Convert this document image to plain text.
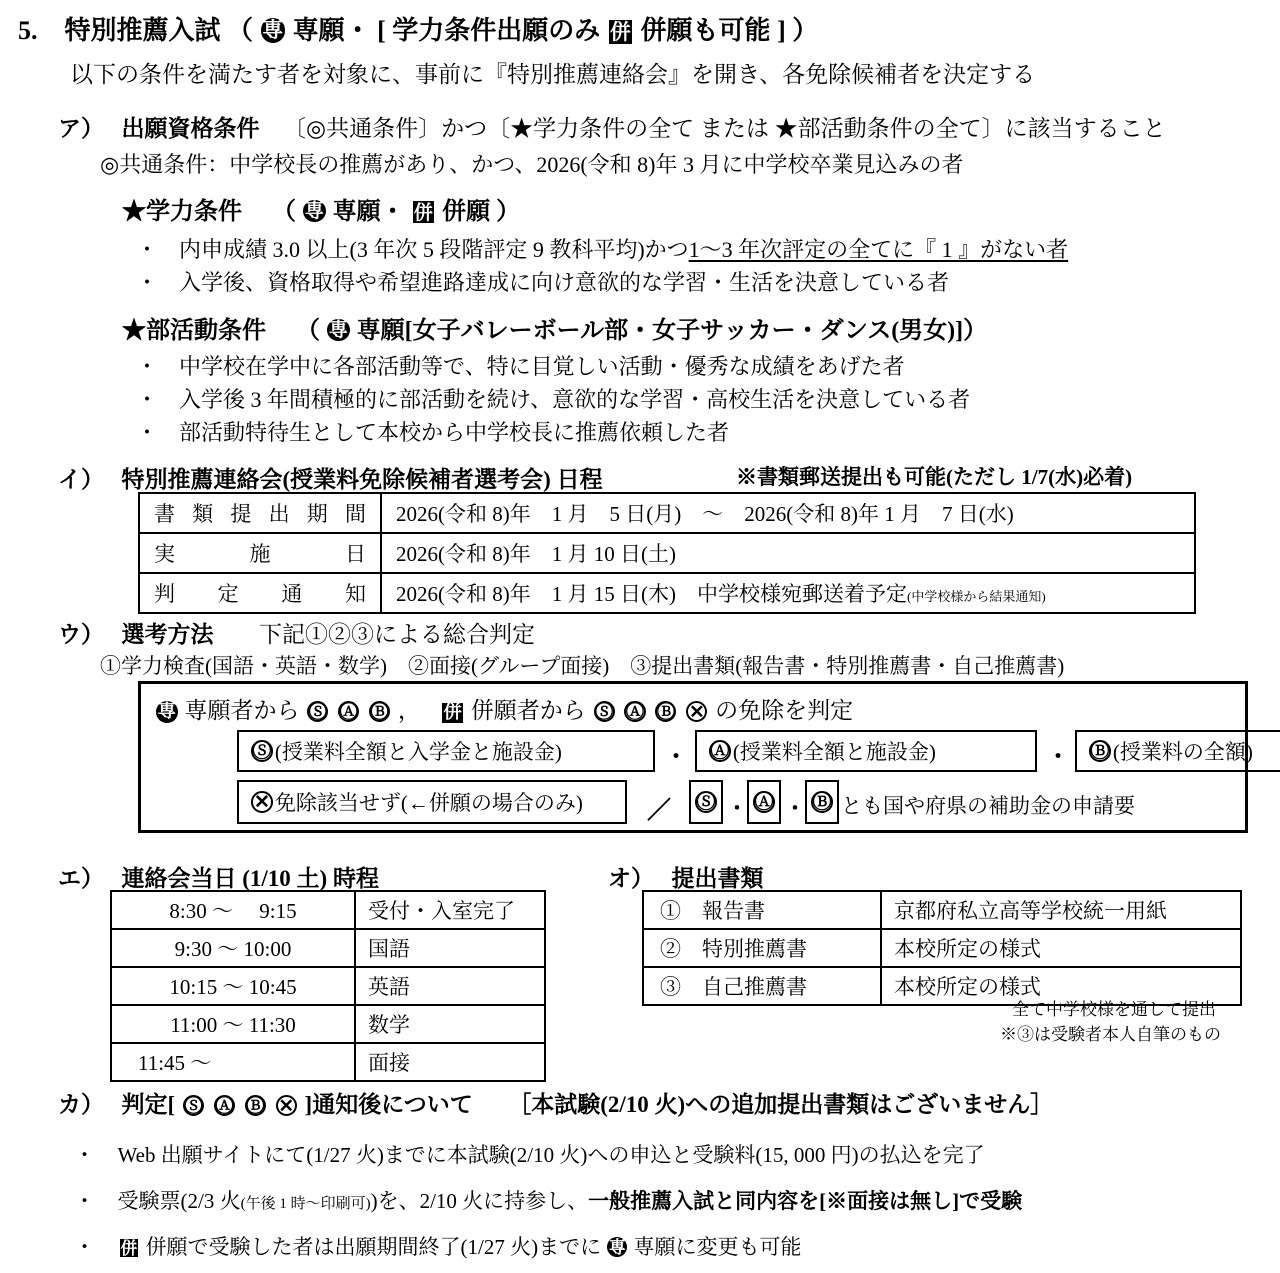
5. 特別推薦入試 （ 専 専願・ [ 学力条件出願のみ 併 併願も可能 ] ）
以下の条件を満たす者を対象に、事前に『特別推薦連絡会』を開き、各免除候補者を決定する
ア） 出願資格条件 〔◎共通条件〕かつ〔★学力条件の全て または ★部活動条件の全て〕に該当すること
◎共通条件：中学校長の推薦があり、かつ、2026(令和 8)年 3 月に中学校卒業見込みの者
★学力条件 （ 専 専願・ 併 併願 ）
・ 内申成績 3.0 以上(3 年次 5 段階評定 9 教科平均)かつ1～3 年次評定の全てに『 1 』がない者
・ 入学後、資格取得や希望進路達成に向け意欲的な学習・生活を決意している者
★部活動条件 （ 専 専願[女子バレーボール部・女子サッカー・ダンス(男女)]）
・ 中学校在学中に各部活動等で、特に目覚しい活動・優秀な成績をあげた者
・ 入学後 3 年間積極的に部活動を続け、意欲的な学習・高校生活を決意している者
・ 部活動特待生として本校から中学校長に推薦依頼した者
イ） 特別推薦連絡会(授業料免除候補者選考会) 日程	※書類郵送提出も可能(ただし 1/7(水)必着)
書類提出期間	2026(令和 8)年　1 月　5 日(月)　～　2026(令和 8)年 1 月　7 日(水)
実施日	2026(令和 8)年　1 月 10 日(土)
判定通知	2026(令和 8)年　1 月 15 日(木)　中学校様宛郵送着予定(中学校様から結果通知)
ウ） 選考方法 下記①②③による総合判定
①学力検査(国語・英語・数学)　②面接(グループ面接)　③提出書類(報告書・特別推薦書・自己推薦書)
専 専願者から Ⓢ Ⓐ Ⓑ ， 併 併願者から Ⓢ Ⓐ Ⓑ ✕ の免除を判定
Ⓢ (授業料全額と入学金と施設金)	・ Ⓐ (授業料全額と施設金)	・ Ⓑ (授業料の全額)
✕ 免除該当せず(←併願の場合のみ)	／ Ⓢ ・ Ⓐ ・ Ⓑ とも国や府県の補助金の申請要
エ） 連絡会当日 (1/10 土) 時程
8:30 ～ 　9:15	受付・入室完了
9:30 ～ 10:00	国語
10:15 ～ 10:45	英語
11:00 ～ 11:30	数学
11:45 ～	面接
オ） 提出書類
①　報告書	京都府私立高等学校統一用紙
②　特別推薦書	本校所定の様式
③　自己推薦書	本校所定の様式
全て中学校様を通して提出
※③は受験者本人自筆のもの
カ） 判定[ Ⓢ Ⓐ Ⓑ ✕ ]通知後について ［本試験(2/10 火)への追加提出書類はございません］
・ Web 出願サイトにて(1/27 火)までに本試験(2/10 火)への申込と受験料(15, 000 円)の払込を完了
・ 受験票(2/3 火(午後 1 時～印刷可))を、2/10 火に持参し、一般推薦入試と同内容を[※面接は無し]で受験
・ 併 併願で受験した者は出願期間終了(1/27 火)までに 専 専願に変更も可能
